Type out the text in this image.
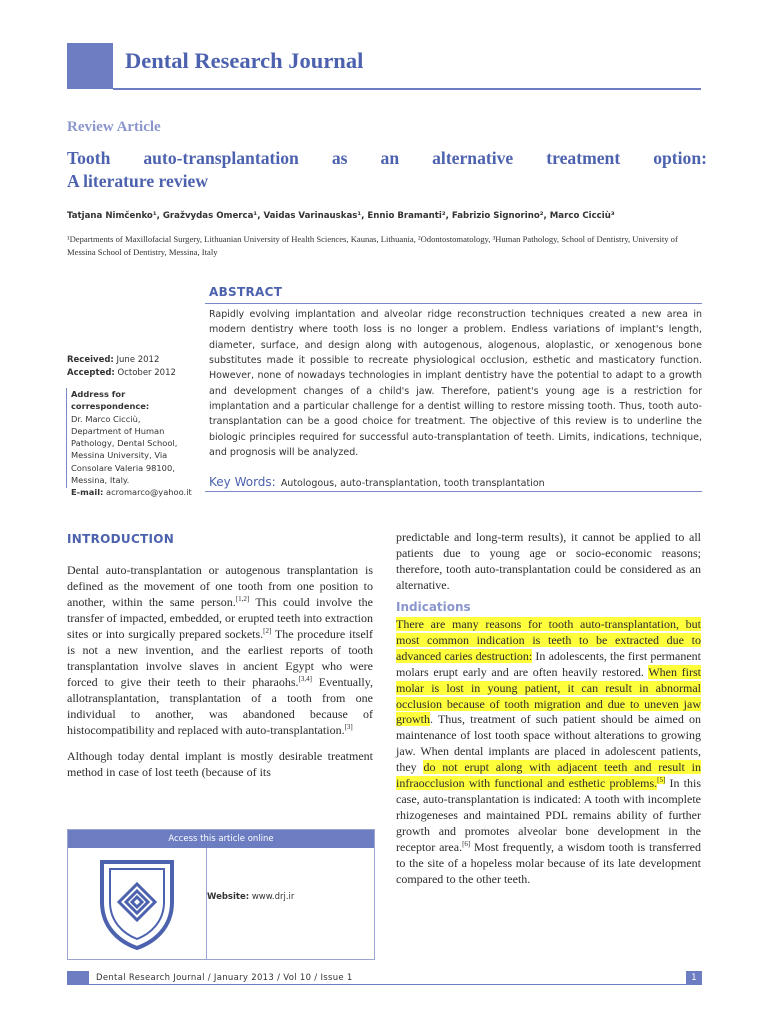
Dental Research Journal
Review Article
Tooth auto-transplantation as an alternative treatment option:
A literature review
Tatjana Nimčenko¹, Gražvydas Omerca¹, Vaidas Varinauskas¹, Ennio Bramanti², Fabrizio Signorino², Marco Cicciù³
¹Departments of Maxillofacial Surgery, Lithuanian University of Health Sciences, Kaunas, Lithuania, ²Odontostomatology, ³Human Pathology, School of Dentistry, University of Messina School of Dentistry, Messina, Italy
ABSTRACT
Rapidly evolving implantation and alveolar ridge reconstruction techniques created a new area in modern dentistry where tooth loss is no longer a problem. Endless variations of implant's length, diameter, surface, and design along with autogenous, alogenous, aloplastic, or xenogenous bone substitutes made it possible to recreate physiological occlusion, esthetic and masticatory function. However, none of nowadays technologies in implant dentistry have the potential to adapt to a growth and development changes of a child's jaw. Therefore, patient's young age is a restriction for implantation and a particular challenge for a dentist willing to restore missing tooth. Thus, tooth auto-transplantation can be a good choice for treatment. The objective of this review is to underline the biologic principles required for successful auto-transplantation of teeth. Limits, indications, technique, and prognosis will be analyzed.
Key Words: Autologous, auto-transplantation, tooth transplantation
Received: June 2012
Accepted: October 2012
Address for correspondence:
Dr. Marco Cicciù,
Department of Human
Pathology, Dental School,
Messina University, Via
Consolare Valeria 98100,
Messina, Italy.
E-mail: acromarco@yahoo.it
INTRODUCTION

Dental auto-transplantation or autogenous transplantation is defined as the movement of one tooth from one position to another, within the same person.[1,2] This could involve the transfer of impacted, embedded, or erupted teeth into extraction sites or into surgically prepared sockets.[2] The procedure itself is not a new invention, and the earliest reports of tooth transplantation involve slaves in ancient Egypt who were forced to give their teeth to their pharaohs.[3,4] Eventually, allotransplantation, transplantation of a tooth from one individual to another, was abandoned because of histocompatibility and replaced with auto-transplantation.[3]

Although today dental implant is mostly desirable treatment method in case of lost teeth (because of its

predictable and long-term results), it cannot be applied to all patients due to young age or socio-economic reasons; therefore, tooth auto-transplantation could be considered as an alternative.

Indications

There are many reasons for tooth auto-transplantation, but most common indication is teeth to be extracted due to advanced caries destruction: In adolescents, the first permanent molars erupt early and are often heavily restored. When first molar is lost in young patient, it can result in abnormal occlusion because of tooth migration and due to uneven jaw growth. Thus, treatment of such patient should be aimed on maintenance of lost tooth space without alterations to growing jaw. When dental implants are placed in adolescent patients, they do not erupt along with adjacent teeth and result in infraocclusion with functional and esthetic problems.[5] In this case, auto-transplantation is indicated: A tooth with incomplete rhizogeneses and maintained PDL remains ability of further growth and promotes alveolar bone development in the receptor area.[6] Most frequently, a wisdom tooth is transferred to the site of a hopeless molar because of its late development compared to the other teeth.

Access this article online
Website: www.drj.ir
Dental Research Journal / January 2013 / Vol 10 / Issue 1	1
